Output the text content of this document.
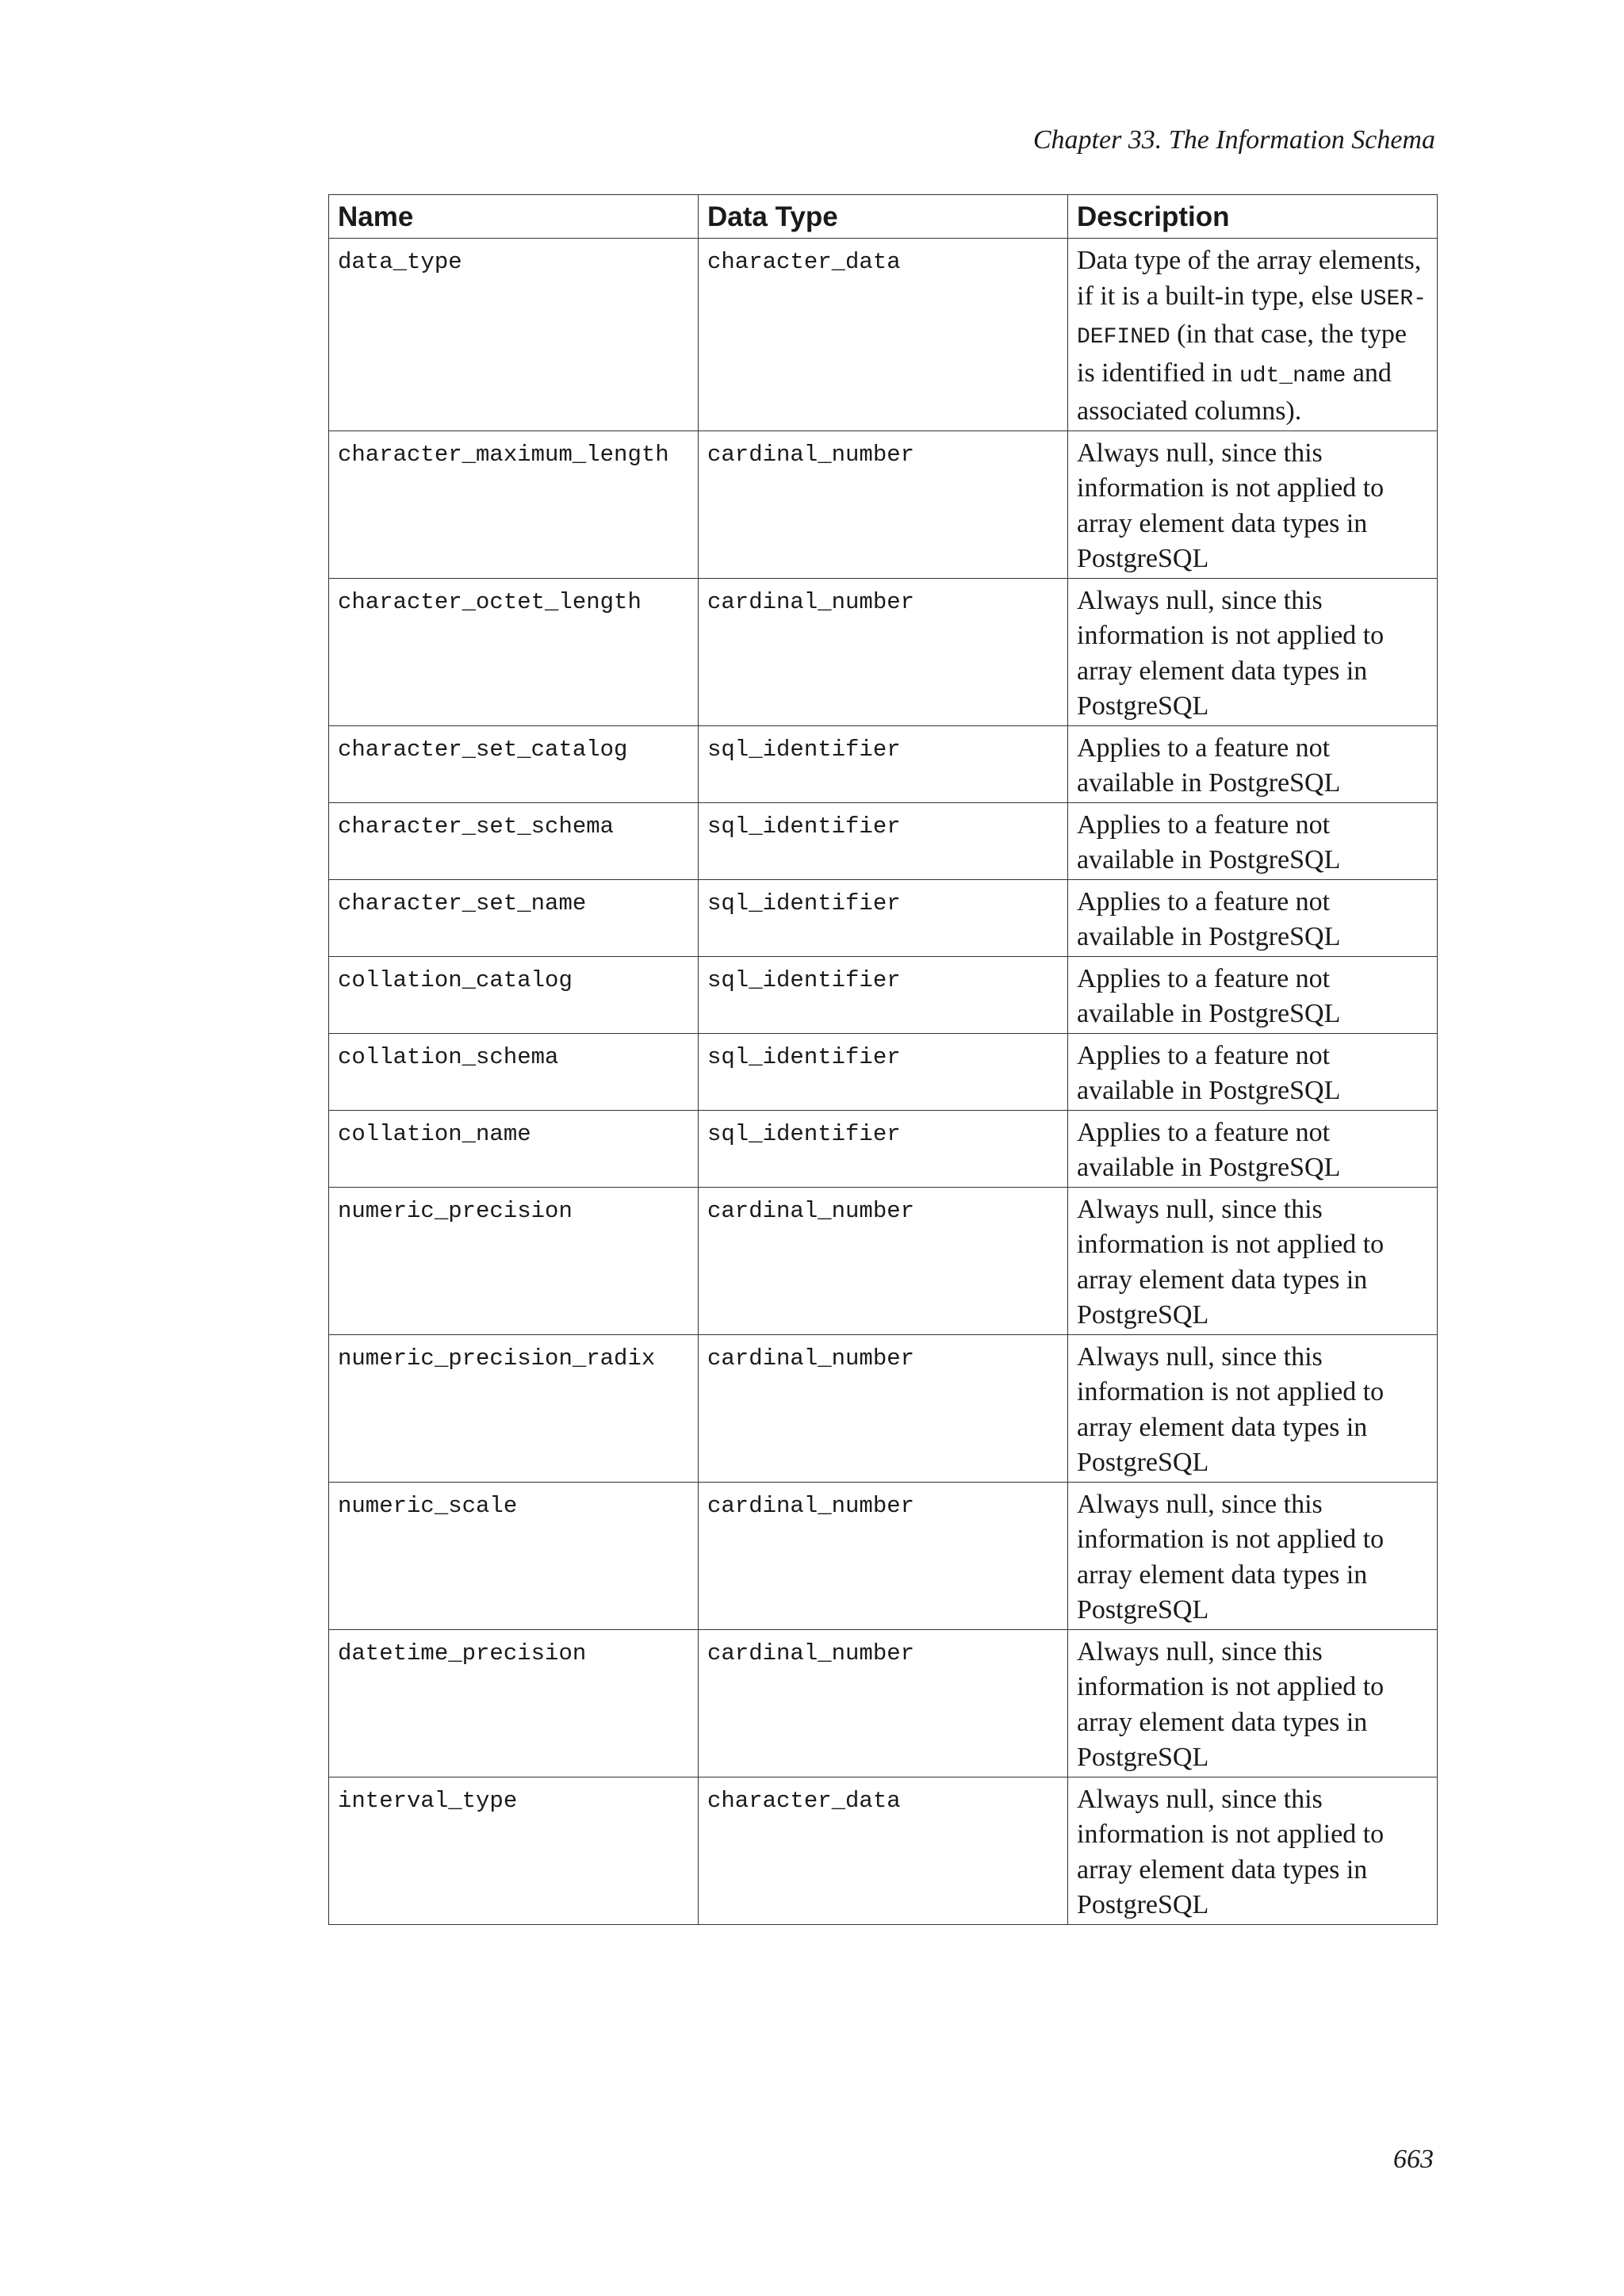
Chapter 33. The Information Schema
Name	Data Type	Description
data_type	character_data	Data type of the array elements, if it is a built-in type, else USER-DEFINED (in that case, the type is identified in udt_name and associated columns).
character_maximum_length	cardinal_number	Always null, since this information is not applied to array element data types in PostgreSQL
character_octet_length	cardinal_number	Always null, since this information is not applied to array element data types in PostgreSQL
character_set_catalog	sql_identifier	Applies to a feature not available in PostgreSQL
character_set_schema	sql_identifier	Applies to a feature not available in PostgreSQL
character_set_name	sql_identifier	Applies to a feature not available in PostgreSQL
collation_catalog	sql_identifier	Applies to a feature not available in PostgreSQL
collation_schema	sql_identifier	Applies to a feature not available in PostgreSQL
collation_name	sql_identifier	Applies to a feature not available in PostgreSQL
numeric_precision	cardinal_number	Always null, since this information is not applied to array element data types in PostgreSQL
numeric_precision_radix	cardinal_number	Always null, since this information is not applied to array element data types in PostgreSQL
numeric_scale	cardinal_number	Always null, since this information is not applied to array element data types in PostgreSQL
datetime_precision	cardinal_number	Always null, since this information is not applied to array element data types in PostgreSQL
interval_type	character_data	Always null, since this information is not applied to array element data types in PostgreSQL
663
